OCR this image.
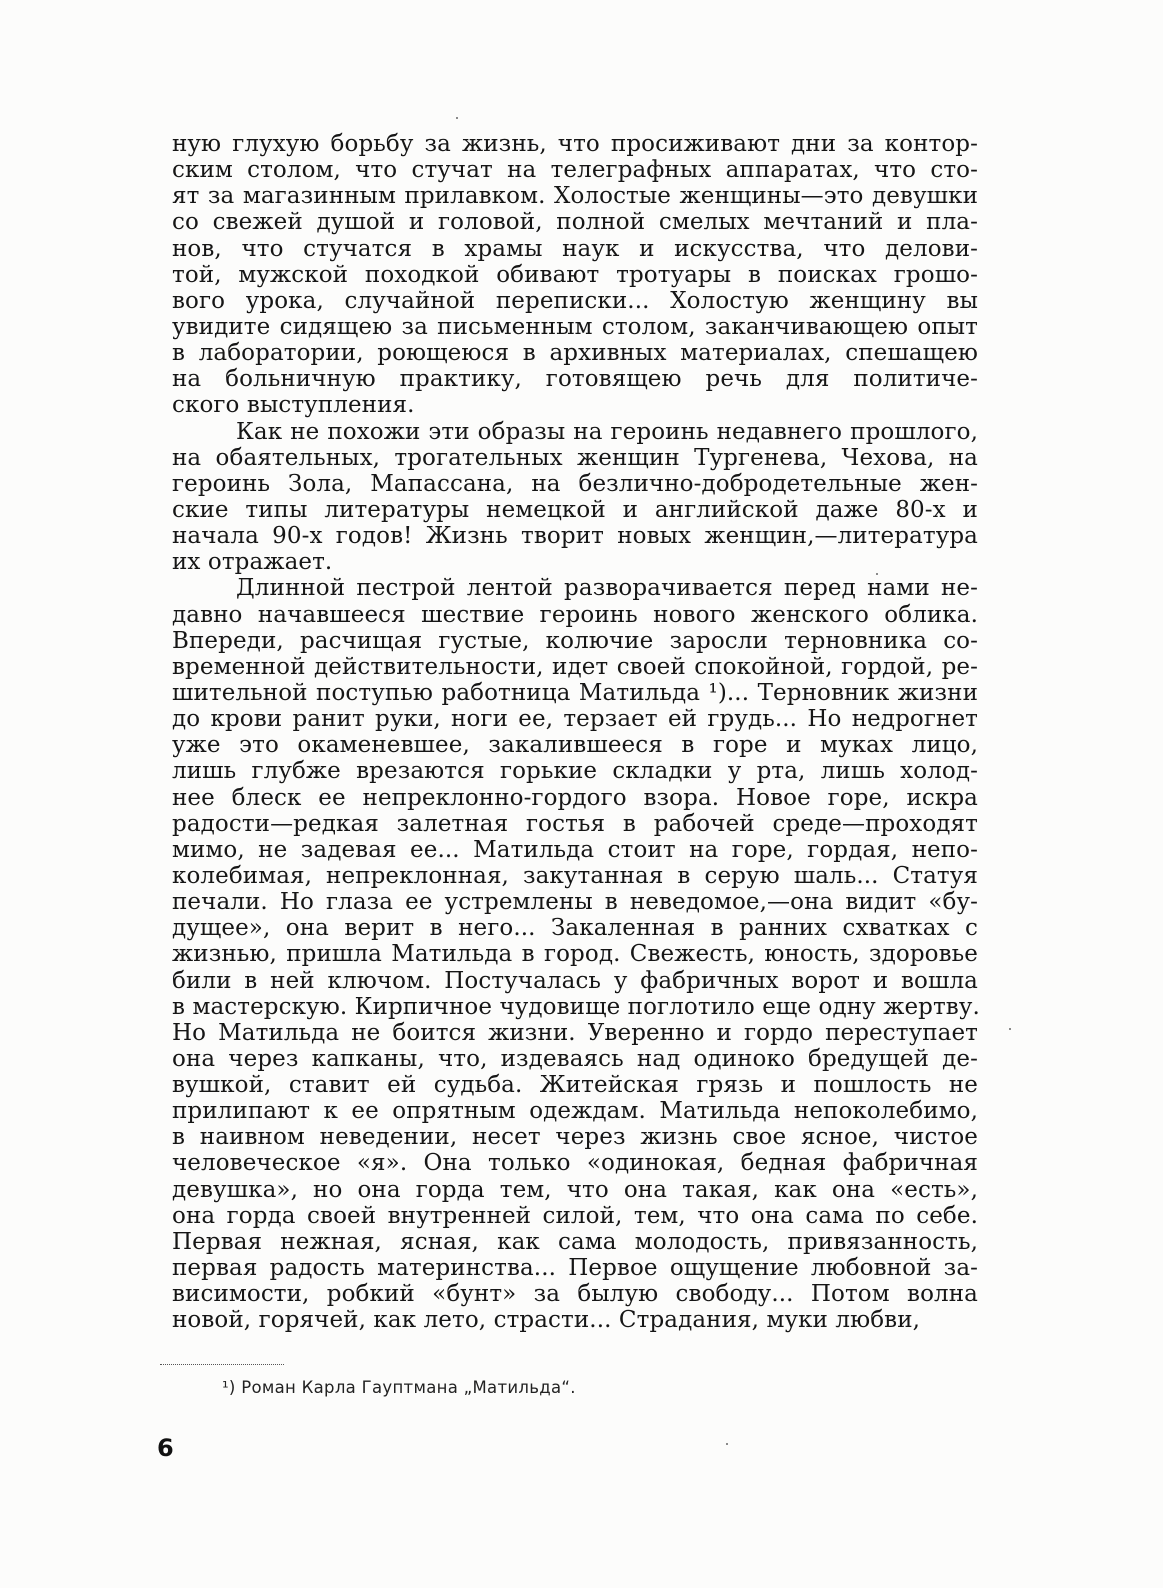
ную глухую борьбу за жизнь, что просиживают дни за контор-
ским столом, что стучат на телеграфных аппаратах, что сто-
ят за магазинным прилавком. Холостые женщины—это девушки
со свежей душой и головой, полной смелых мечтаний и пла-
нов, что стучатся в храмы наук и искусства, что делови-
той, мужской походкой обивают тротуары в поисках грошо-
вого урока, случайной переписки... Холостую женщину вы
увидите сидящею за письменным столом, заканчивающею опыт
в лаборатории, роющеюся в архивных материалах, спешащею
на больничную практику, готовящею речь для политиче-
ского выступления.
Как не похожи эти образы на героинь недавнего прошлого,
на обаятельных, трогательных женщин Тургенева, Чехова, на
героинь Зола, Мапассана, на безлично-добродетельные жен-
ские типы литературы немецкой и английской даже 80-х и
начала 90-х годов! Жизнь творит новых женщин,—литература
их отражает.
Длинной пестрой лентой разворачивается перед нами не-
давно начавшееся шествие героинь нового женского облика.
Впереди, расчищая густые, колючие заросли терновника со-
временной действительности, идет своей спокойной, гордой, ре-
шительной поступью работница Матильда ¹)... Терновник жизни
до крови ранит руки, ноги ее, терзает ей грудь... Но недрогнет
уже это окаменевшее, закалившееся в горе и муках лицо,
лишь глубже врезаются горькие складки у рта, лишь холод-
нее блеск ее непреклонно-гордого взора. Новое горе, искра
радости—редкая залетная гостья в рабочей среде—проходят
мимо, не задевая ее... Матильда стоит на горе, гордая, непо-
колебимая, непреклонная, закутанная в серую шаль... Статуя
печали. Но глаза ее устремлены в неведомое,—она видит «бу-
дущее», она верит в него... Закаленная в ранних схватках с
жизнью, пришла Матильда в город. Свежесть, юность, здоровье
били в ней ключом. Постучалась у фабричных ворот и вошла
в мастерскую. Кирпичное чудовище поглотило еще одну жертву.
Но Матильда не боится жизни. Уверенно и гордо переступает
она через капканы, что, издеваясь над одиноко бредущей де-
вушкой, ставит ей судьба. Житейская грязь и пошлость не
прилипают к ее опрятным одеждам. Матильда непоколебимо,
в наивном неведении, несет через жизнь свое ясное, чистое
человеческое «я». Она только «одинокая, бедная фабричная
девушка», но она горда тем, что она такая, как она «есть»,
она горда своей внутренней силой, тем, что она сама по себе.
Первая нежная, ясная, как сама молодость, привязанность,
первая радость материнства... Первое ощущение любовной за-
висимости, робкий «бунт» за былую свободу... Потом волна
новой, горячей, как лето, страсти... Страдания, муки любви,
¹) Роман Карла Гауптмана „Матильда“.
6
